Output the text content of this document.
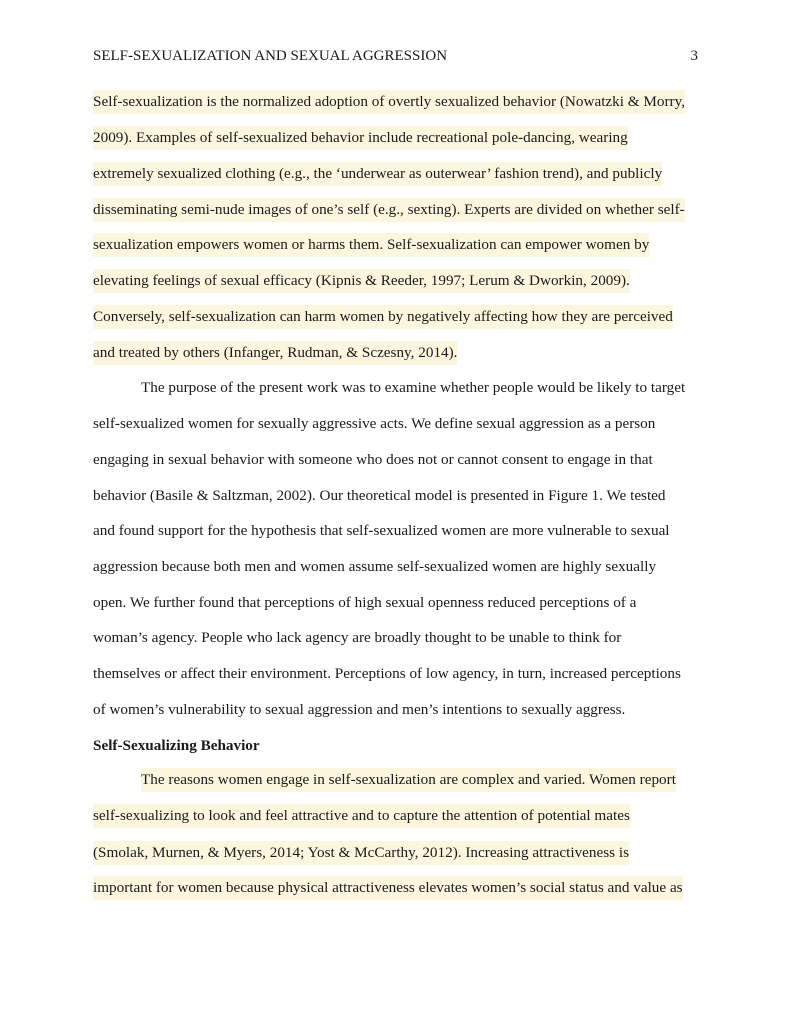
SELF-SEXUALIZATION AND SEXUAL AGGRESSION	3
Self-sexualization is the normalized adoption of overtly sexualized behavior (Nowatzki & Morry,
2009). Examples of self-sexualized behavior include recreational pole-dancing, wearing
extremely sexualized clothing (e.g., the ‘underwear as outerwear’ fashion trend), and publicly
disseminating semi-nude images of one’s self (e.g., sexting). Experts are divided on whether self-
sexualization empowers women or harms them. Self-sexualization can empower women by
elevating feelings of sexual efficacy (Kipnis & Reeder, 1997; Lerum & Dworkin, 2009).
Conversely, self-sexualization can harm women by negatively affecting how they are perceived
and treated by others (Infanger, Rudman, & Sczesny, 2014).
The purpose of the present work was to examine whether people would be likely to target
self-sexualized women for sexually aggressive acts. We define sexual aggression as a person
engaging in sexual behavior with someone who does not or cannot consent to engage in that
behavior (Basile & Saltzman, 2002). Our theoretical model is presented in Figure 1. We tested
and found support for the hypothesis that self-sexualized women are more vulnerable to sexual
aggression because both men and women assume self-sexualized women are highly sexually
open. We further found that perceptions of high sexual openness reduced perceptions of a
woman’s agency. People who lack agency are broadly thought to be unable to think for
themselves or affect their environment. Perceptions of low agency, in turn, increased perceptions
of women’s vulnerability to sexual aggression and men’s intentions to sexually aggress.
Self-Sexualizing Behavior
The reasons women engage in self-sexualization are complex and varied. Women report
self-sexualizing to look and feel attractive and to capture the attention of potential mates
(Smolak, Murnen, & Myers, 2014; Yost & McCarthy, 2012). Increasing attractiveness is
important for women because physical attractiveness elevates women’s social status and value as
